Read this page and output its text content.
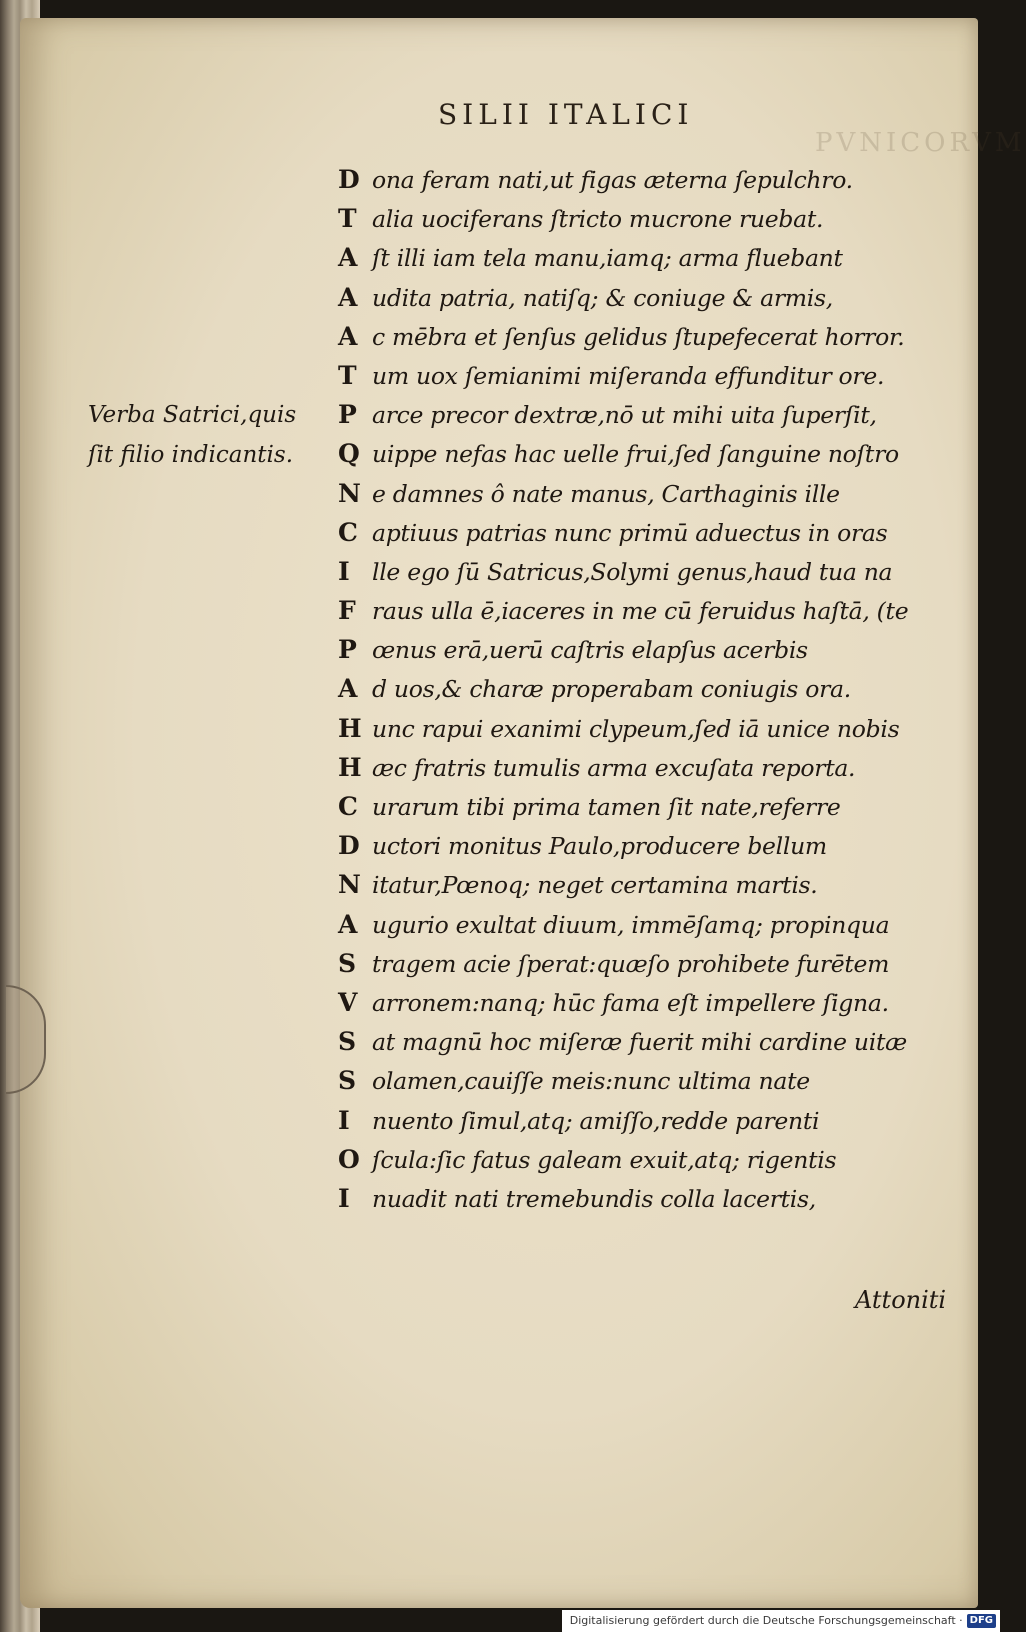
SILII ITALICI
PVNICORVM
Verba Satrici,quis
ſit filio indicantis.
D ona feram nati,ut figas æterna ſepulchro.
T alia uociferans ſtricto mucrone ruebat.
A ſt illi iam tela manu,iamq; arma fluebant
A udita patria, natiſq; & coniuge & armis,
A c mēbra et ſenſus gelidus ſtupefecerat horror.
T um uox ſemianimi miſeranda effunditur ore.
P arce precor dextræ,nō ut mihi uita ſuperſit,
Q uippe nefas hac uelle frui,ſed ſanguine noſtro
N e damnes ô nate manus, Carthaginis ille
C aptiuus patrias nunc primū aduectus in oras
I lle ego ſū Satricus,Solymi genus,haud tua na
F raus ulla ē,iaceres in me cū feruidus haſtā, (te
P œnus erā,uerū caſtris elapſus acerbis
A d uos,& charæ properabam coniugis ora.
H unc rapui exanimi clypeum,ſed iā unice nobis
H æc fratris tumulis arma excuſata reporta.
C urarum tibi prima tamen ſit nate,referre
D uctori monitus Paulo,producere bellum
N itatur,Pœnoq; neget certamina martis.
A ugurio exultat diuum, immēſamq; propinqua
S tragem acie ſperat:quæſo prohibete furētem
V arronem:nanq; hūc fama eſt impellere ſigna.
S at magnū hoc miſeræ fuerit mihi cardine uitæ
S olamen,cauiſſe meis:nunc ultima nate
I nuento ſimul,atq; amiſſo,redde parenti
O ſcula:ſic fatus galeam exuit,atq; rigentis
I nuadit nati tremebundis colla lacertis,
Attoniti
Digitalisierung gefördert durch die Deutsche Forschungsgemeinschaft · DFG
